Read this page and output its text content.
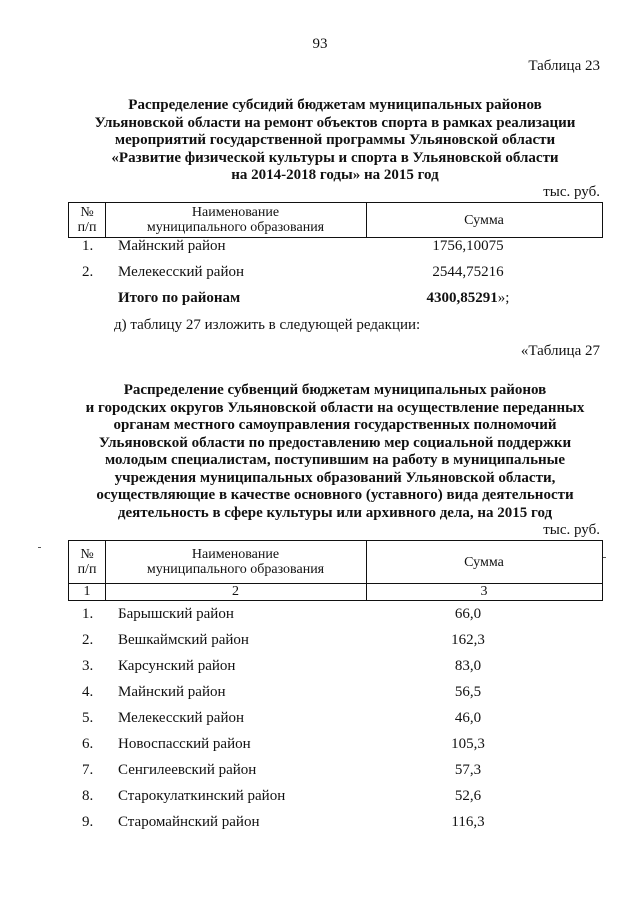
93
Таблица 23
Распределение субсидий бюджетам муниципальных районов
Ульяновской области на ремонт объектов спорта в рамках реализации
мероприятий государственной программы Ульяновской области
«Развитие физической культуры и спорта в Ульяновской области
на 2014-2018 годы» на 2015 год
тыс. руб.
№
п/п
Наименование
муниципального образования	Сумма
1. Майнский район	1756,10075
2. Мелекесский район	2544,75216
Итого по районам	4300,85291»;
д) таблицу 27 изложить в следующей редакции:
«Таблица 27
Распределение субвенций бюджетам муниципальных районов
и городских округов Ульяновской области на осуществление переданных
органам местного самоуправления государственных полномочий
Ульяновской области по предоставлению мер социальной поддержки
молодым специалистам, поступившим на работу в муниципальные
учреждения муниципальных образований Ульяновской области,
осуществляющие в качестве основного (уставного) вида деятельности
деятельность в сфере культуры или архивного дела, на 2015 год
тыс. руб.
№
п/п
Наименование
муниципального образования	Сумма
1	2	3
1. Барышский район	66,0
2. Вешкаймский район	162,3
3. Карсунский район	83,0
4. Майнский район	56,5
5. Мелекесский район	46,0
6. Новоспасский район	105,3
7. Сенгилеевский район	57,3
8. Старокулаткинский район	52,6
9. Старомайнский район	116,3
